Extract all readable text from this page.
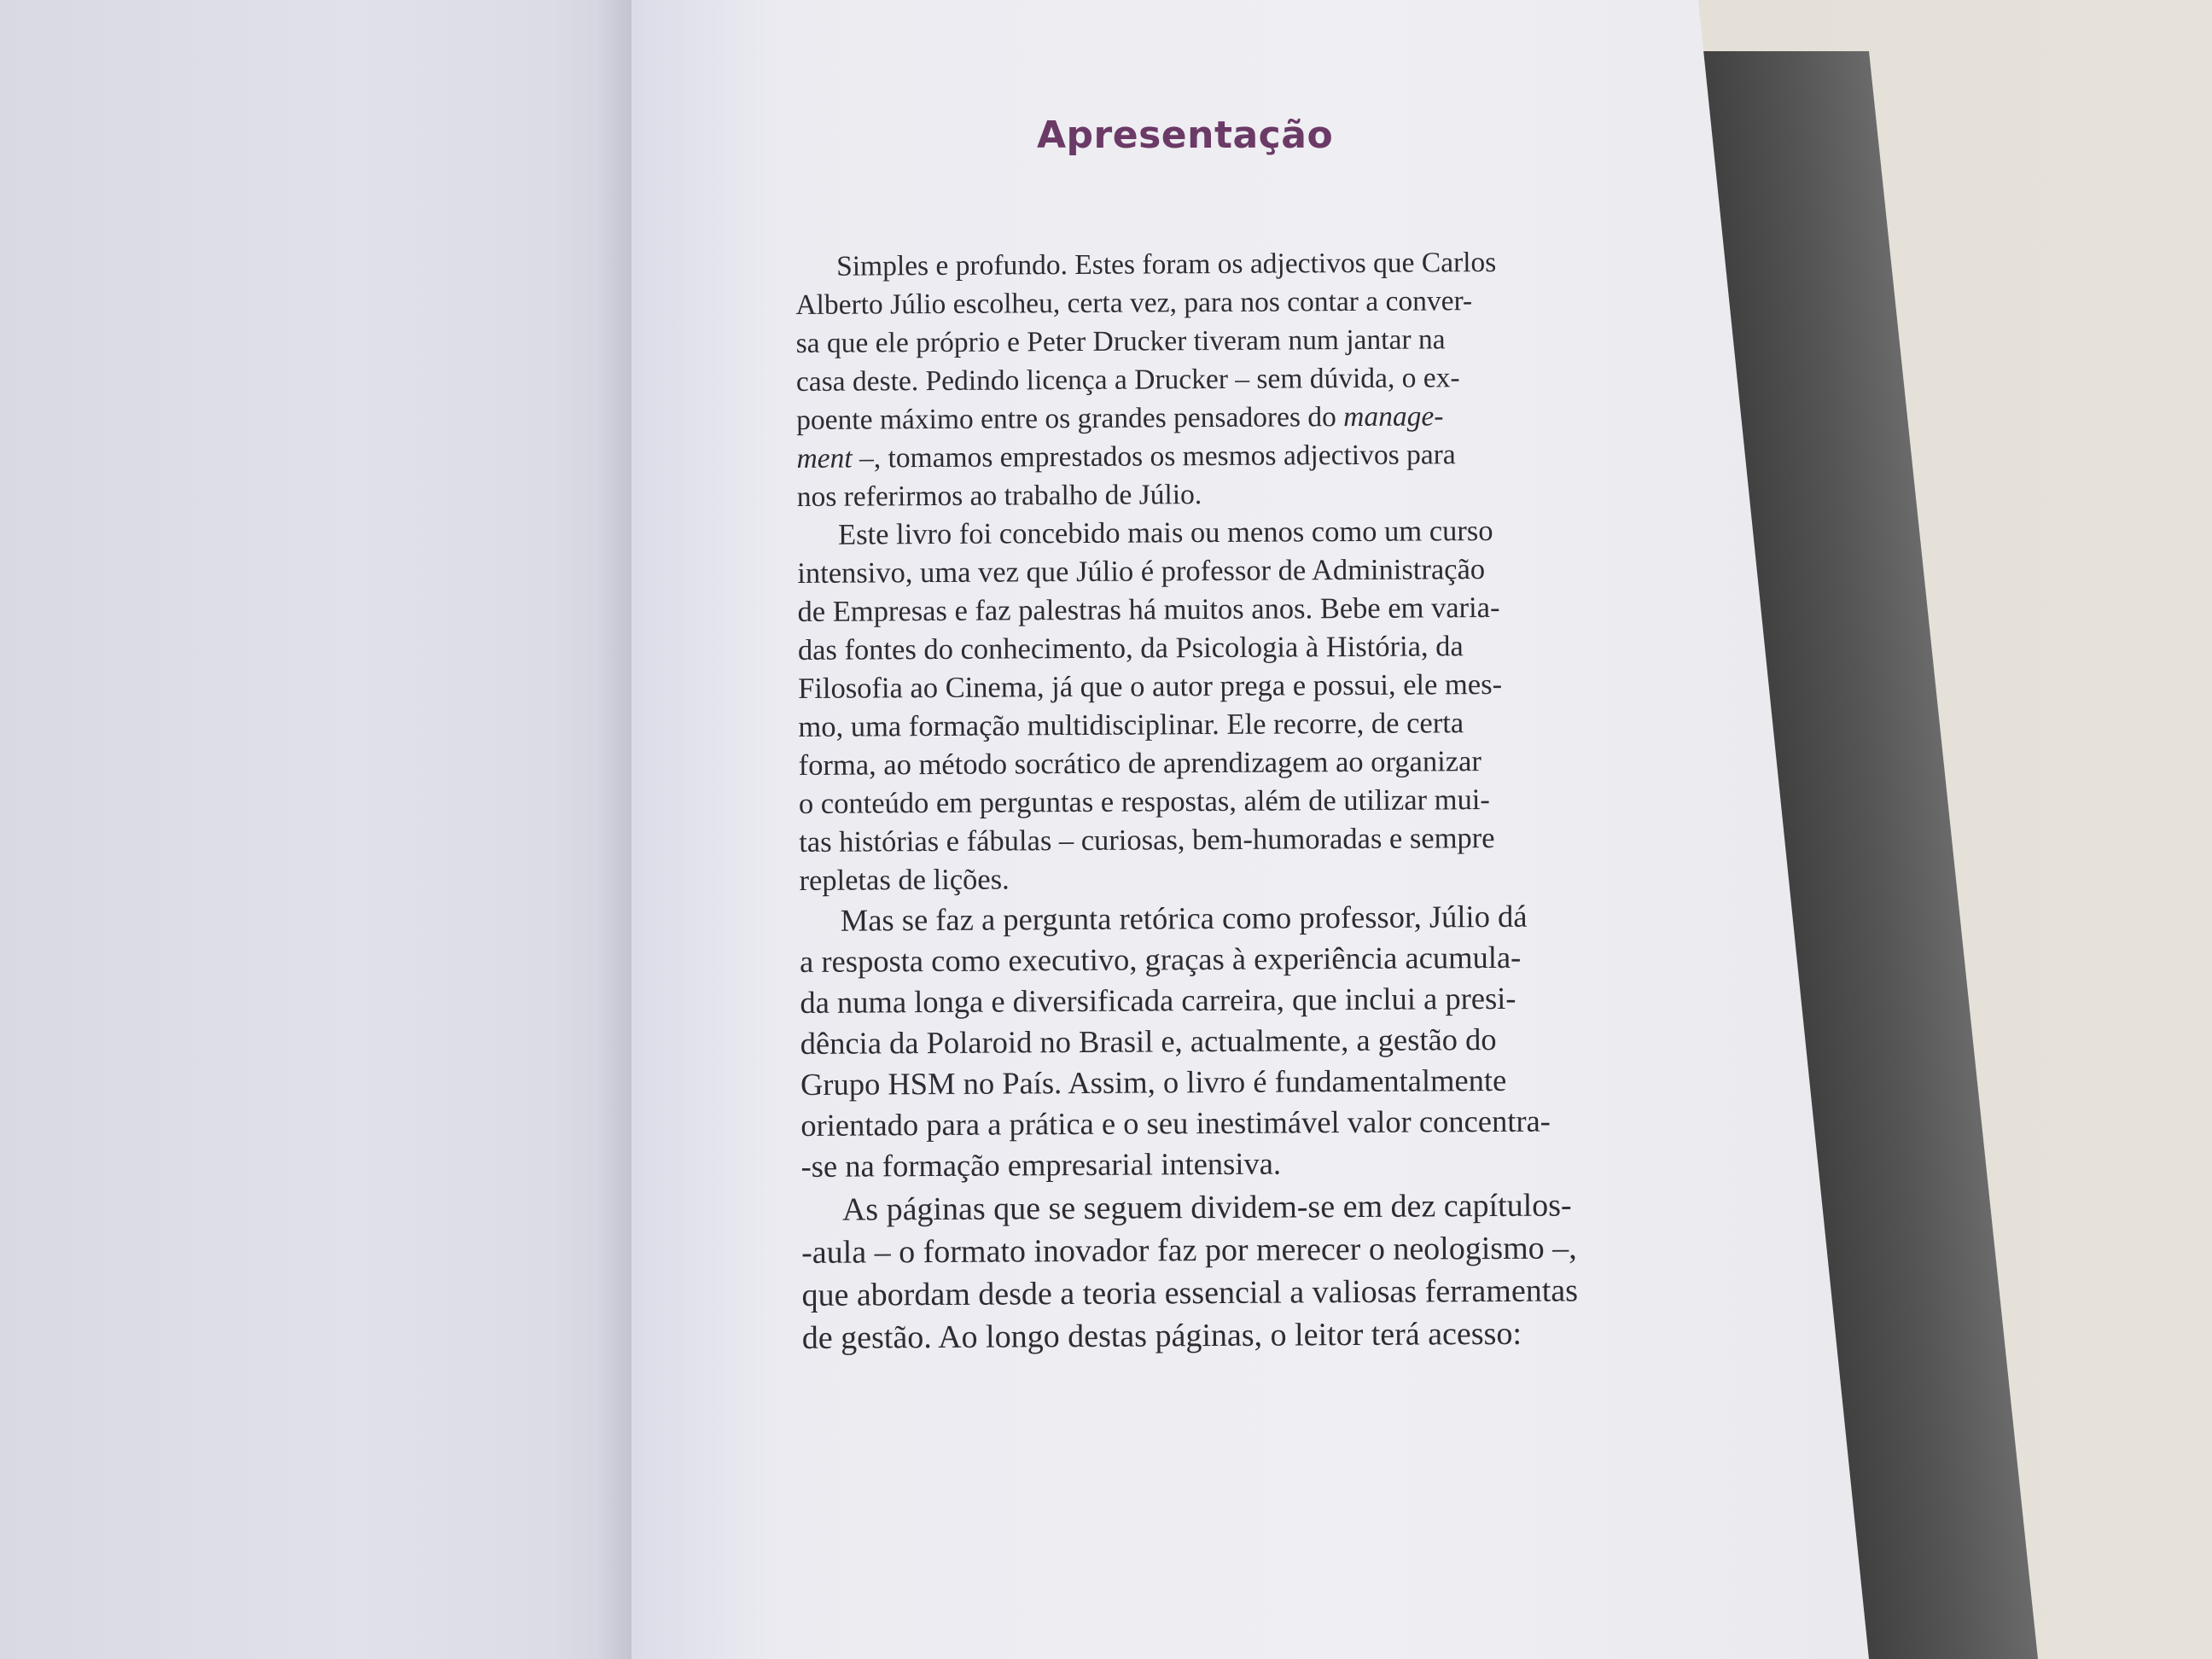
Apresentação
Simples e profundo. Estes foram os adjectivos que Carlos
Alberto Júlio escolheu, certa vez, para nos contar a conver-
sa que ele próprio e Peter Drucker tiveram num jantar na
casa deste. Pedindo licença a Drucker – sem dúvida, o ex-
poente máximo entre os grandes pensadores do manage-
ment –, tomamos emprestados os mesmos adjectivos para
nos referirmos ao trabalho de Júlio.
Este livro foi concebido mais ou menos como um curso
intensivo, uma vez que Júlio é professor de Administração
de Empresas e faz palestras há muitos anos. Bebe em varia-
das fontes do conhecimento, da Psicologia à História, da
Filosofia ao Cinema, já que o autor prega e possui, ele mes-
mo, uma formação multidisciplinar. Ele recorre, de certa
forma, ao método socrático de aprendizagem ao organizar
o conteúdo em perguntas e respostas, além de utilizar mui-
tas histórias e fábulas – curiosas, bem-humoradas e sempre
repletas de lições.
Mas se faz a pergunta retórica como professor, Júlio dá
a resposta como executivo, graças à experiência acumula-
da numa longa e diversificada carreira, que inclui a presi-
dência da Polaroid no Brasil e, actualmente, a gestão do
Grupo HSM no País. Assim, o livro é fundamentalmente
orientado para a prática e o seu inestimável valor concentra-
-se na formação empresarial intensiva.
As páginas que se seguem dividem-se em dez capítulos-
-aula – o formato inovador faz por merecer o neologismo –,
que abordam desde a teoria essencial a valiosas ferramentas
de gestão. Ao longo destas páginas, o leitor terá acesso:
